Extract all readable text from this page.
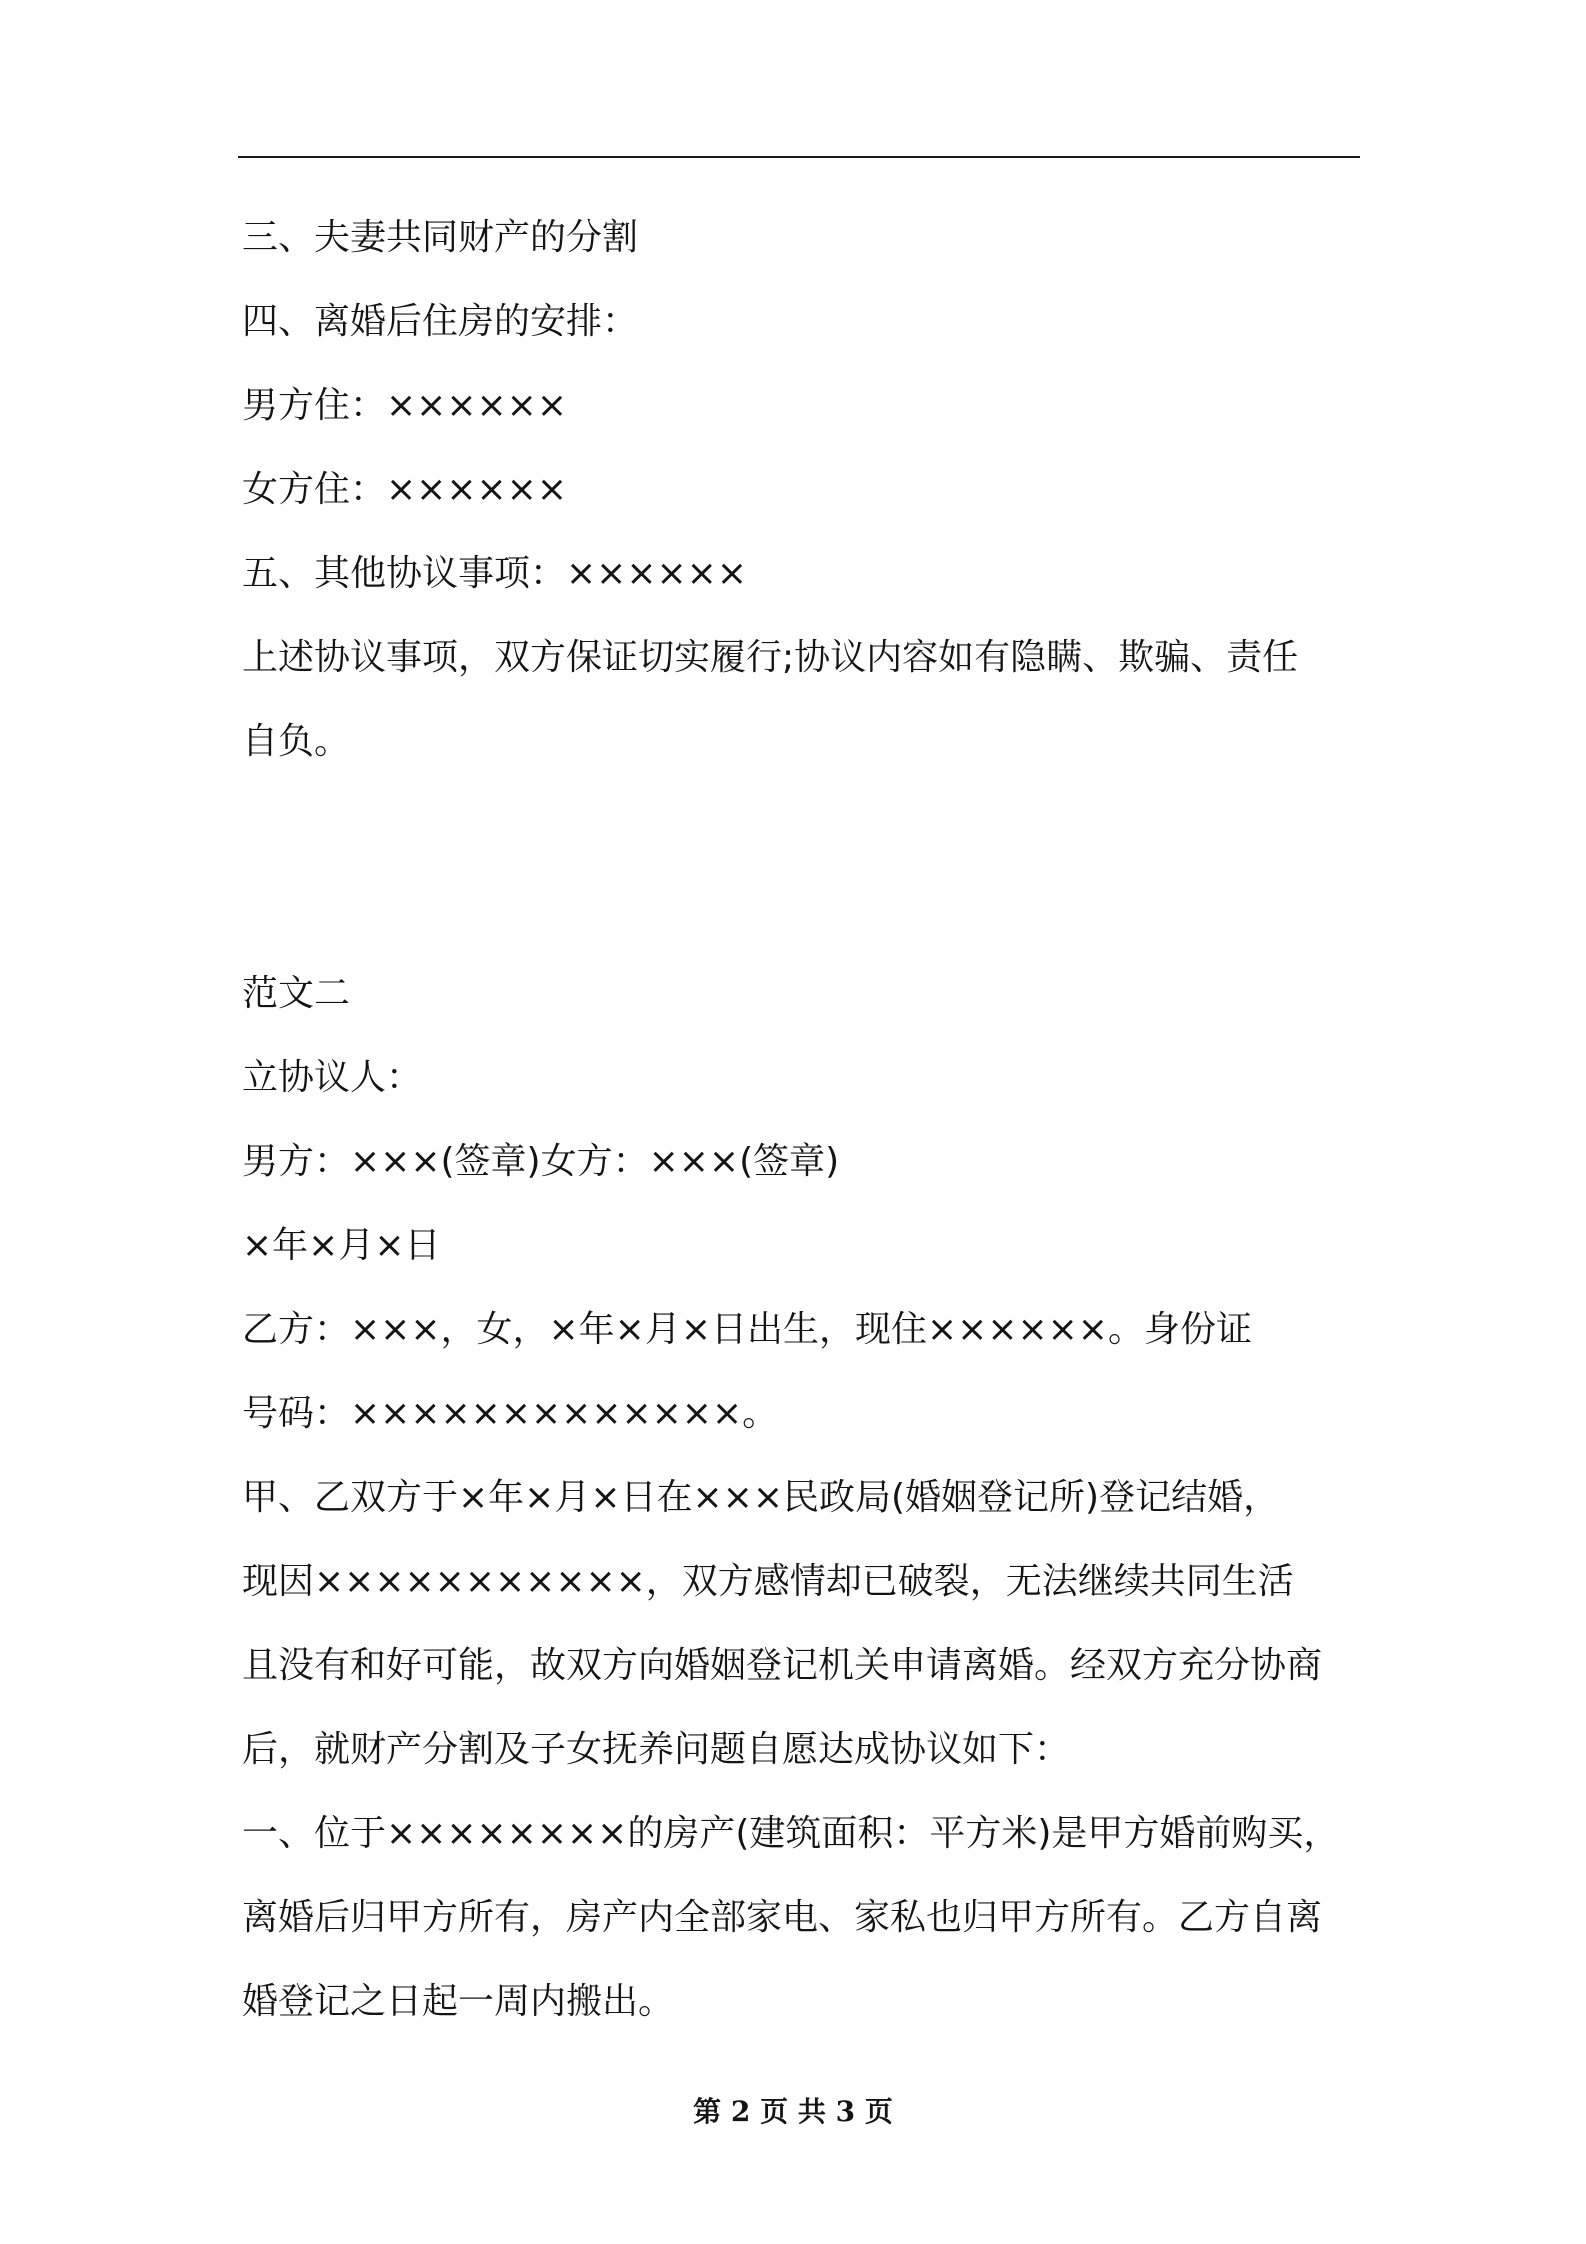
三、夫妻共同财产的分割

四、离婚后住房的安排：

男方住：××××××

女方住：××××××

五、其他协议事项：××××××

上述协议事项，双方保证切实履行;协议内容如有隐瞒、欺骗、责任

自负。

范文二

立协议人：

男方：×××(签章)女方：×××(签章)

×年×月×日

乙方：×××，女，×年×月×日出生，现住××××××。身份证

号码：×××××××××××××。

甲、乙双方于×年×月×日在×××民政局(婚姻登记所)登记结婚，

现因×××××××××××，双方感情却已破裂，无法继续共同生活

且没有和好可能，故双方向婚姻登记机关申请离婚。经双方充分协商

后，就财产分割及子女抚养问题自愿达成协议如下：

一、位于××××××××的房产(建筑面积：平方米)是甲方婚前购买，

离婚后归甲方所有，房产内全部家电、家私也归甲方所有。乙方自离

婚登记之日起一周内搬出。

第 2 页 共 3 页
